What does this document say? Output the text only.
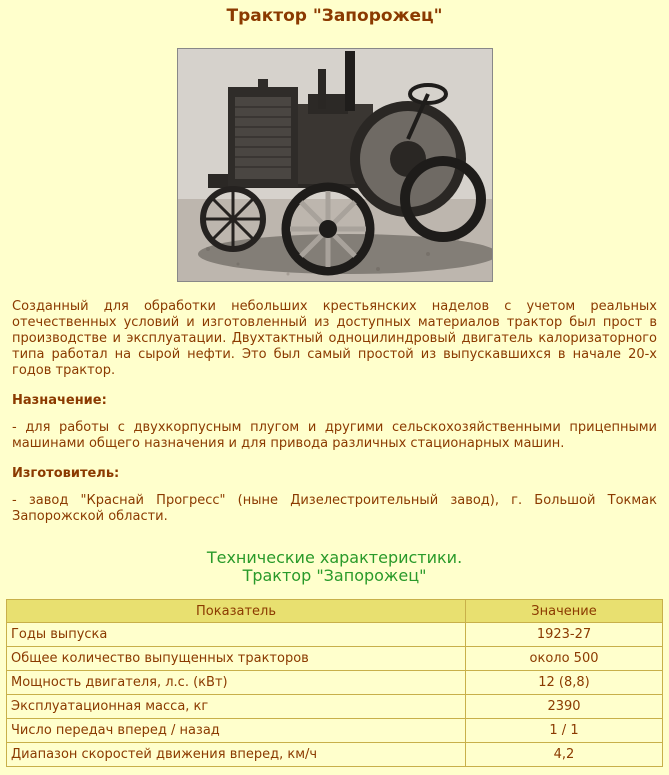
Трактор "Запорожец"

Созданный для обработки небольших крестьянских наделов с учетом реальных отечественных условий и изготовленный из доступных материалов трактор был прост в производстве и эксплуатации. Двухтактный одноцилиндровый двигатель калоризаторного типа работал на сырой нефти. Это был самый простой из выпускавшихся в начале 20-х годов трактор.

Назначение:

- для работы с двухкорпусным плугом и другими сельскохозяйственными прицепными машинами общего назначения и для привода различных стационарных машин.

Изготовитель:

- завод "Краснай Прогресс" (ныне Дизелестроительный завод), г. Большой Токмак Запорожской области.

Технические характеристики.
Трактор "Запорожец"
Показатель	Значение
Годы выпуска	1923-27
Общее количество выпущенных тракторов	около 500
Мощность двигателя, л.с. (кВт)	12 (8,8)
Эксплуатационная масса, кг	2390
Число передач вперед / назад	1 / 1
Диапазон скоростей движения вперед, км/ч	4,2
